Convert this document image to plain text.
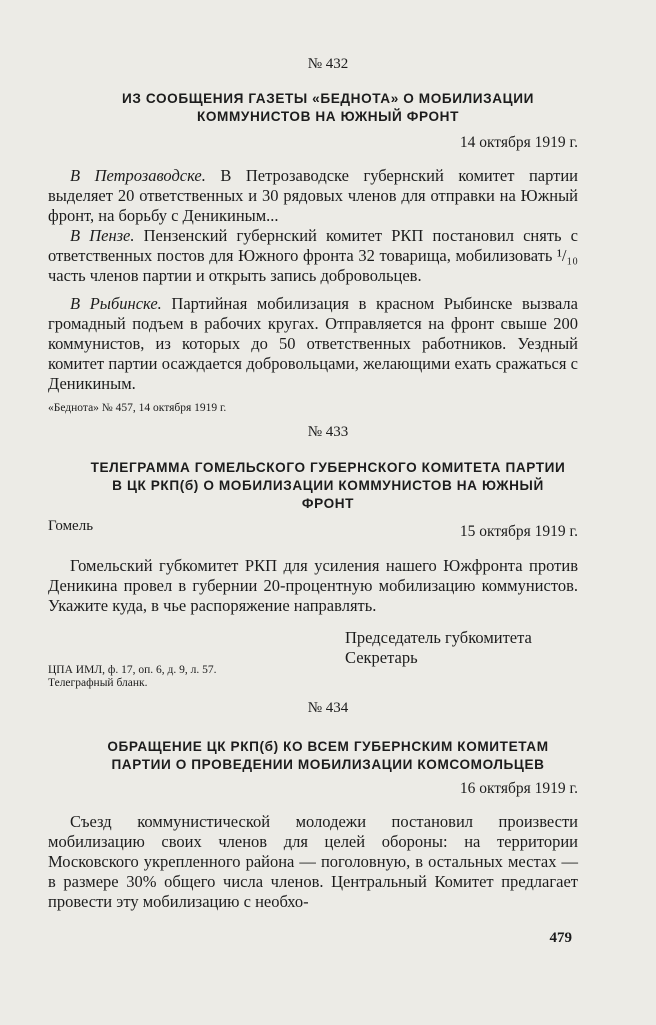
№ 432
ИЗ СООБЩЕНИЯ ГАЗЕТЫ «БЕДНОТА» О МОБИЛИЗАЦИИ
КОММУНИСТОВ НА ЮЖНЫЙ ФРОНТ
14 октября 1919 г.

В Петрозаводске. В Петрозаводске губернский комитет партии выделяет 20 ответственных и 30 рядовых членов для отправки на Южный фронт, на борьбу с Деникиным...

В Пензе. Пензенский губернский комитет РКП постановил снять с ответственных постов для Южного фронта 32 товарища, мобилизовать ¹/₁₀ часть членов партии и открыть запись добровольцев.

В Рыбинске. Партийная мобилизация в красном Рыбинске вызвала громадный подъем в рабочих кругах. Отправляется на фронт свыше 200 коммунистов, из которых до 50 ответственных работников. Уездный комитет партии осаждается добровольцами, желающими ехать сражаться с Деникиным.

«Беднота» № 457, 14 октября 1919 г.
№ 433
ТЕЛЕГРАММА ГОМЕЛЬСКОГО ГУБЕРНСКОГО КОМИТЕТА ПАРТИИ
В ЦК РКП(б) О МОБИЛИЗАЦИИ КОММУНИСТОВ НА ЮЖНЫЙ
ФРОНТ
Гомель	15 октября 1919 г.

Гомельский губкомитет РКП для усиления нашего Южфронта против Деникина провел в губернии 20-процентную мобилизацию коммунистов. Укажите куда, в чье распоряжение направлять.

Председатель губкомитета
Секретарь
ЦПА ИМЛ, ф. 17, оп. 6, д. 9, л. 57.
Телеграфный бланк.
№ 434
ОБРАЩЕНИЕ ЦК РКП(б) КО ВСЕМ ГУБЕРНСКИМ КОМИТЕТАМ
ПАРТИИ О ПРОВЕДЕНИИ МОБИЛИЗАЦИИ КОМСОМОЛЬЦЕВ
16 октября 1919 г.

Съезд коммунистической молодежи постановил произвести мобилизацию своих членов для целей обороны: на территории Московского укрепленного района — поголовную, в остальных местах — в размере 30% общего числа членов. Центральный Комитет предлагает провести эту мобилизацию с необхо-

479
